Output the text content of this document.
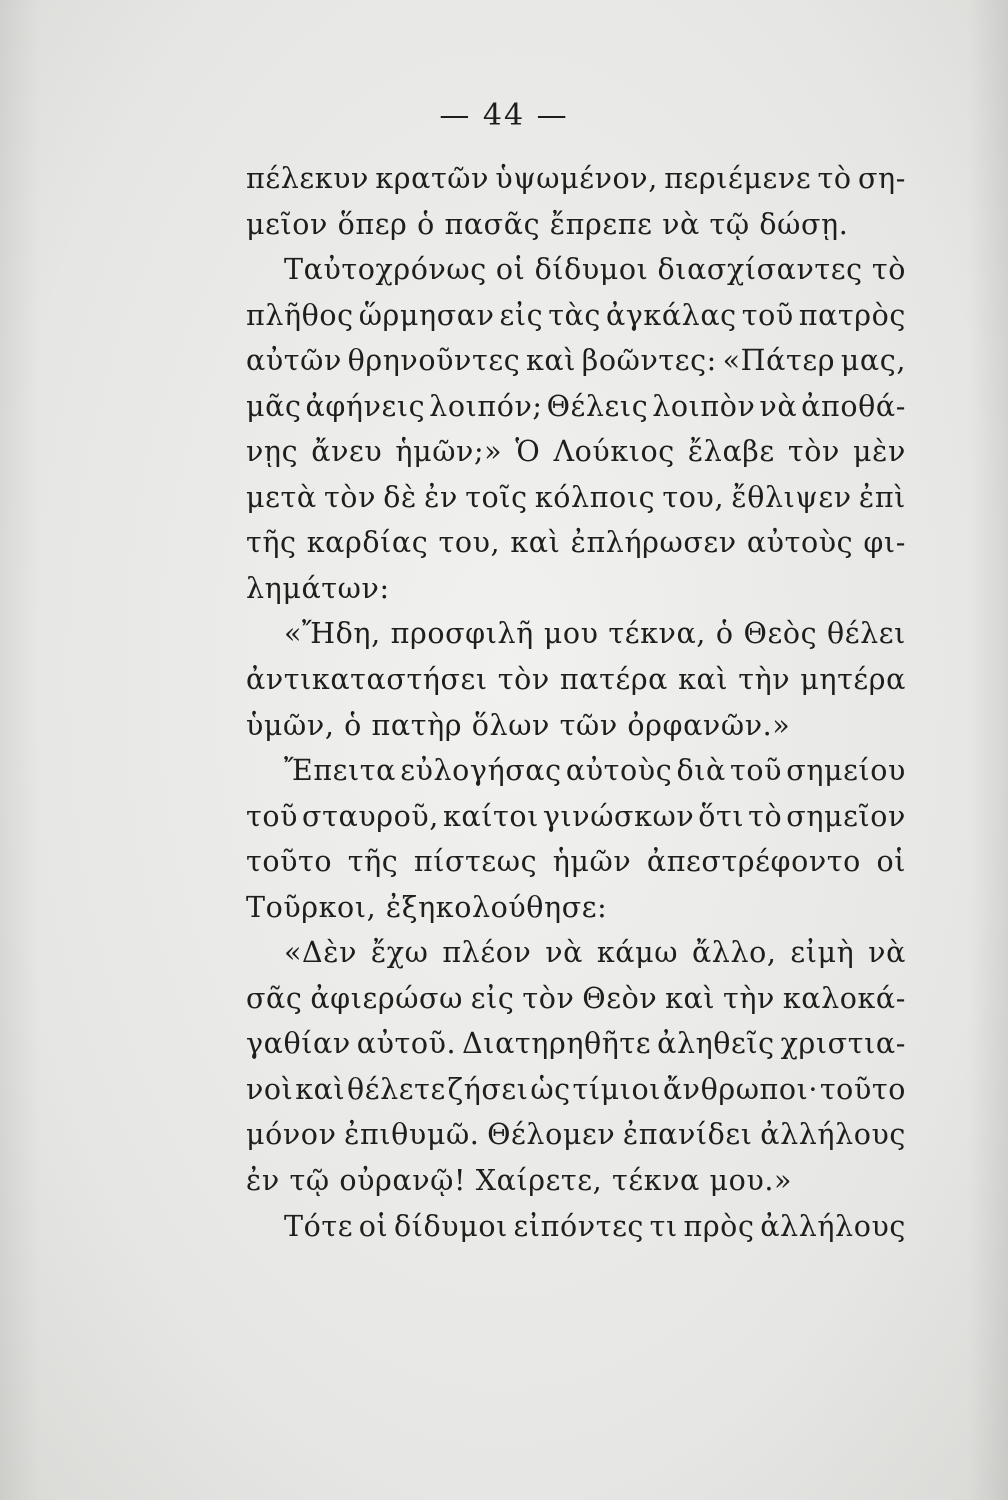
— 44 —
πέλεκυν κρατῶν ὑψωμένον, περιέμενε τὸ ση-
μεῖον ὅπερ ὁ πασᾶς ἔπρεπε νὰ τῷ δώσῃ.
Ταὐτοχρόνως οἱ δίδυμοι διασχίσαντες τὸ
πλῆθος ὥρμησαν εἰς τὰς ἀγκάλας τοῦ πατρὸς
αὐτῶν θρηνοῦντες καὶ βοῶντες: «Πάτερ μας,
μᾶς ἀφήνεις λοιπόν; Θέλεις λοιπὸν νὰ ἀποθά-
νῃς ἄνευ ἡμῶν;» Ὁ Λούκιος ἔλαβε τὸν μὲν
μετὰ τὸν δὲ ἐν τοῖς κόλποις του, ἔθλιψεν ἐπὶ
τῆς καρδίας του, καὶ ἐπλήρωσεν αὐτοὺς φι-
λημάτων:
«Ἤδη, προσφιλῆ μου τέκνα, ὁ Θεὸς θέλει
ἀντικαταστήσει τὸν πατέρα καὶ τὴν μητέρα
ὑμῶν, ὁ πατὴρ ὅλων τῶν ὀρφανῶν.»
Ἔπειτα εὐλογήσας αὐτοὺς διὰ τοῦ σημείου
τοῦ σταυροῦ, καίτοι γινώσκων ὅτι τὸ σημεῖον
τοῦτο τῆς πίστεως ἡμῶν ἀπεστρέφοντο οἱ
Τοῦρκοι, ἐξηκολούθησε:
«Δὲν ἔχω πλέον νὰ κάμω ἄλλο, εἰμὴ νὰ
σᾶς ἀφιερώσω εἰς τὸν Θεὸν καὶ τὴν καλοκά-
γαθίαν αὐτοῦ. Διατηρηθῆτε ἀληθεῖς χριστια-
νοὶ καὶ θέλετε ζήσει ὡς τίμιοι ἄνθρωποι· τοῦτο
μόνον ἐπιθυμῶ. Θέλομεν ἐπανίδει ἀλλήλους
ἐν τῷ οὐρανῷ! Χαίρετε, τέκνα μου.»
Τότε οἱ δίδυμοι εἰπόντες τι πρὸς ἀλλήλους
